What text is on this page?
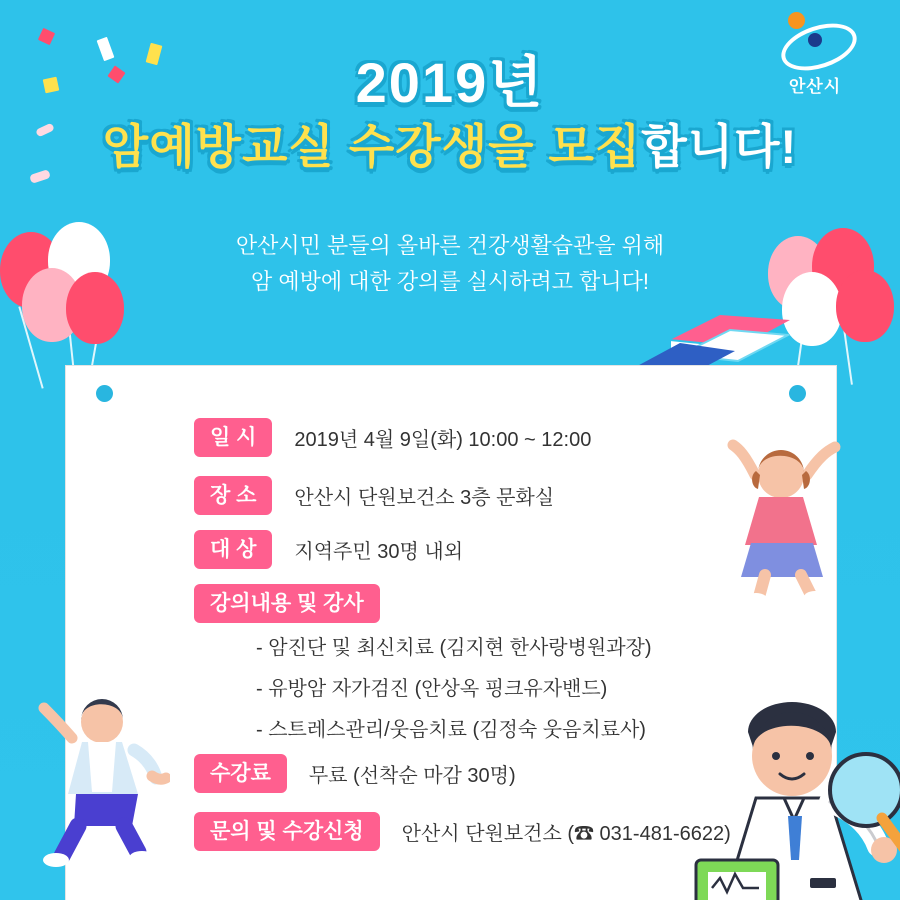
안산시
2019년
암예방교실 수강생을 모집합니다!
안산시민 분들의 올바른 건강생활습관을 위해
암 예방에 대한 강의를 실시하려고 합니다!
일 시	2019년 4월 9일(화) 10:00 ~ 12:00
장 소	안산시 단원보건소 3층 문화실
대 상	지역주민 30명 내외
강의내용 및 강사
- 암진단 및 최신치료 (김지현 한사랑병원과장)
- 유방암 자가검진 (안상옥 핑크유자밴드)
- 스트레스관리/웃음치료 (김정숙 웃음치료사)
수강료	무료 (선착순 마감 30명)
문의 및 수강신청	안산시 단원보건소 (☎ 031-481-6622)
